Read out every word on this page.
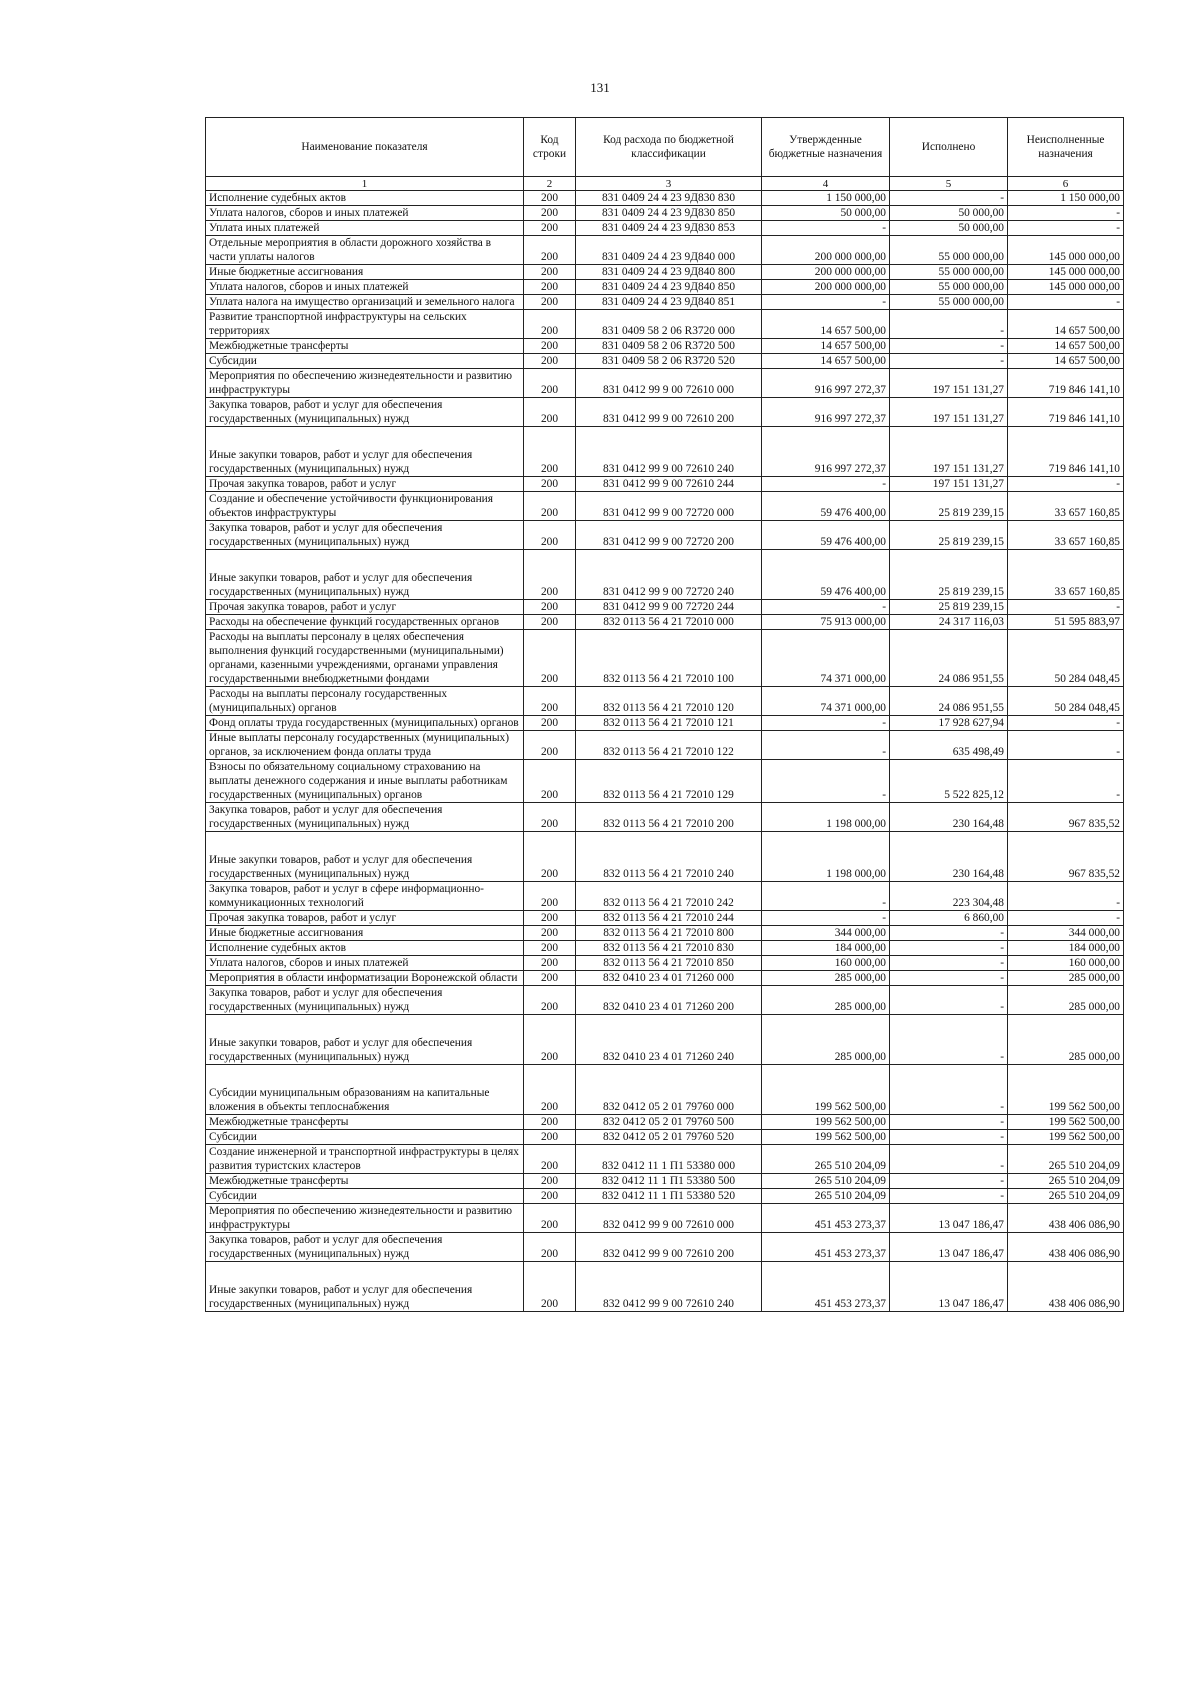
131
Наименование показателя	Код строки	Код расхода по бюджетной классификации	Утвержденные бюджетные назначения	Исполнено	Неисполненные назначения
1	2	3	4	5	6
Исполнение судебных актов	200	831 0409 24 4 23 9Д830 830	1 150 000,00	-	1 150 000,00
Уплата налогов, сборов и иных платежей	200	831 0409 24 4 23 9Д830 850	50 000,00	50 000,00	-
Уплата иных платежей	200	831 0409 24 4 23 9Д830 853	-	50 000,00	-
Отдельные мероприятия в области дорожного хозяйства в части уплаты налогов	200	831 0409 24 4 23 9Д840 000	200 000 000,00	55 000 000,00	145 000 000,00
Иные бюджетные ассигнования	200	831 0409 24 4 23 9Д840 800	200 000 000,00	55 000 000,00	145 000 000,00
Уплата налогов, сборов и иных платежей	200	831 0409 24 4 23 9Д840 850	200 000 000,00	55 000 000,00	145 000 000,00
Уплата налога на имущество организаций и земельного налога	200	831 0409 24 4 23 9Д840 851	-	55 000 000,00	-
Развитие транспортной инфраструктуры на сельских территориях	200	831 0409 58 2 06 R3720 000	14 657 500,00	-	14 657 500,00
Межбюджетные трансферты	200	831 0409 58 2 06 R3720 500	14 657 500,00	-	14 657 500,00
Субсидии	200	831 0409 58 2 06 R3720 520	14 657 500,00	-	14 657 500,00
Мероприятия по обеспечению жизнедеятельности и развитию инфраструктуры	200	831 0412 99 9 00 72610 000	916 997 272,37	197 151 131,27	719 846 141,10
Закупка товаров, работ и услуг для обеспечения государственных (муниципальных) нужд	200	831 0412 99 9 00 72610 200	916 997 272,37	197 151 131,27	719 846 141,10
Иные закупки товаров, работ и услуг для обеспечения государственных (муниципальных) нужд	200	831 0412 99 9 00 72610 240	916 997 272,37	197 151 131,27	719 846 141,10
Прочая закупка товаров, работ и услуг	200	831 0412 99 9 00 72610 244	-	197 151 131,27	-
Создание и обеспечение устойчивости функционирования объектов инфраструктуры	200	831 0412 99 9 00 72720 000	59 476 400,00	25 819 239,15	33 657 160,85
Закупка товаров, работ и услуг для обеспечения государственных (муниципальных) нужд	200	831 0412 99 9 00 72720 200	59 476 400,00	25 819 239,15	33 657 160,85
Иные закупки товаров, работ и услуг для обеспечения государственных (муниципальных) нужд	200	831 0412 99 9 00 72720 240	59 476 400,00	25 819 239,15	33 657 160,85
Прочая закупка товаров, работ и услуг	200	831 0412 99 9 00 72720 244	-	25 819 239,15	-
Расходы на обеспечение функций государственных органов	200	832 0113 56 4 21 72010 000	75 913 000,00	24 317 116,03	51 595 883,97
Расходы на выплаты персоналу в целях обеспечения выполнения функций государственными (муниципальными) органами, казенными учреждениями, органами управления государственными внебюджетными фондами	200	832 0113 56 4 21 72010 100	74 371 000,00	24 086 951,55	50 284 048,45
Расходы на выплаты персоналу государственных (муниципальных) органов	200	832 0113 56 4 21 72010 120	74 371 000,00	24 086 951,55	50 284 048,45
Фонд оплаты труда государственных (муниципальных) органов	200	832 0113 56 4 21 72010 121	-	17 928 627,94	-
Иные выплаты персоналу государственных (муниципальных) органов, за исключением фонда оплаты труда	200	832 0113 56 4 21 72010 122	-	635 498,49	-
Взносы по обязательному социальному страхованию на выплаты денежного содержания и иные выплаты работникам государственных (муниципальных) органов	200	832 0113 56 4 21 72010 129	-	5 522 825,12	-
Закупка товаров, работ и услуг для обеспечения государственных (муниципальных) нужд	200	832 0113 56 4 21 72010 200	1 198 000,00	230 164,48	967 835,52
Иные закупки товаров, работ и услуг для обеспечения государственных (муниципальных) нужд	200	832 0113 56 4 21 72010 240	1 198 000,00	230 164,48	967 835,52
Закупка товаров, работ и услуг в сфере информационно-коммуникационных технологий	200	832 0113 56 4 21 72010 242	-	223 304,48	-
Прочая закупка товаров, работ и услуг	200	832 0113 56 4 21 72010 244	-	6 860,00	-
Иные бюджетные ассигнования	200	832 0113 56 4 21 72010 800	344 000,00	-	344 000,00
Исполнение судебных актов	200	832 0113 56 4 21 72010 830	184 000,00	-	184 000,00
Уплата налогов, сборов и иных платежей	200	832 0113 56 4 21 72010 850	160 000,00	-	160 000,00
Мероприятия в области информатизации Воронежской области	200	832 0410 23 4 01 71260 000	285 000,00	-	285 000,00
Закупка товаров, работ и услуг для обеспечения государственных (муниципальных) нужд	200	832 0410 23 4 01 71260 200	285 000,00	-	285 000,00
Иные закупки товаров, работ и услуг для обеспечения государственных (муниципальных) нужд	200	832 0410 23 4 01 71260 240	285 000,00	-	285 000,00
Субсидии муниципальным образованиям на капитальные вложения в объекты теплоснабжения	200	832 0412 05 2 01 79760 000	199 562 500,00	-	199 562 500,00
Межбюджетные трансферты	200	832 0412 05 2 01 79760 500	199 562 500,00	-	199 562 500,00
Субсидии	200	832 0412 05 2 01 79760 520	199 562 500,00	-	199 562 500,00
Создание инженерной и транспортной инфраструктуры в целях развития туристских кластеров	200	832 0412 11 1 П1 53380 000	265 510 204,09	-	265 510 204,09
Межбюджетные трансферты	200	832 0412 11 1 П1 53380 500	265 510 204,09	-	265 510 204,09
Субсидии	200	832 0412 11 1 П1 53380 520	265 510 204,09	-	265 510 204,09
Мероприятия по обеспечению жизнедеятельности и развитию инфраструктуры	200	832 0412 99 9 00 72610 000	451 453 273,37	13 047 186,47	438 406 086,90
Закупка товаров, работ и услуг для обеспечения государственных (муниципальных) нужд	200	832 0412 99 9 00 72610 200	451 453 273,37	13 047 186,47	438 406 086,90
Иные закупки товаров, работ и услуг для обеспечения государственных (муниципальных) нужд	200	832 0412 99 9 00 72610 240	451 453 273,37	13 047 186,47	438 406 086,90
